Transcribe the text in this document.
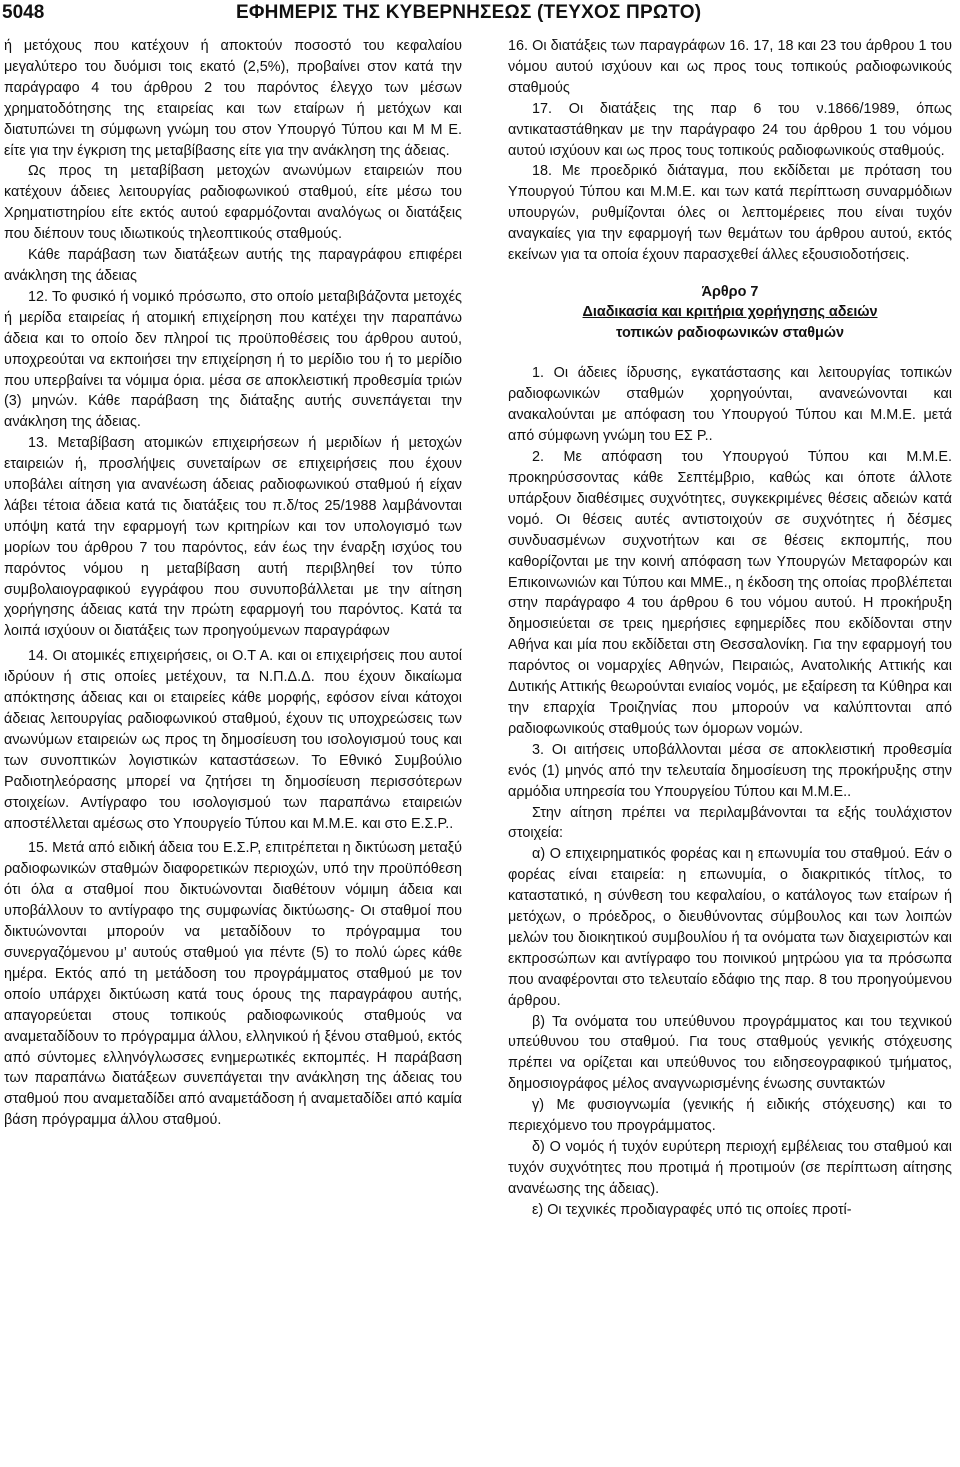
5048	ΕΦΗΜΕΡΙΣ ΤΗΣ ΚΥΒΕΡΝΗΣΕΩΣ (ΤΕΥΧΟΣ ΠΡΩΤΟ)

ή μετόχους που κατέχουν ή αποκτούν ποσοστό του κεφαλαίου μεγαλύτερο του δυόμισι τοις εκατό (2,5%), προβαίνει στον κατά την παράγραφο 4 του άρθρου 2 του παρόντος έλεγχο των μέσων χρηματοδότησης της εταιρείας και των εταίρων ή μετόχων και διατυπώνει τη σύμφωνη γνώμη του στον Υπουργό Τύπου και Μ Μ Ε. είτε για την έγκριση της μεταβίβασης είτε για την ανάκληση της άδειας.

Ως προς τη μεταβίβαση μετοχών ανωνύμων εταιρειών που κατέχουν άδειες λειτουργίας ραδιοφωνικού σταθμού, είτε μέσω του Χρηματιστηρίου είτε εκτός αυτού εφαρμόζονται αναλόγως οι διατάξεις που διέπουν τους ιδιωτικούς τηλεοπτικούς σταθμούς.

Κάθε παράβαση των διατάξεων αυτής της παραγράφου επιφέρει ανάκληση της άδειας

12. Το φυσικό ή νομικό πρόσωπο, στο οποίο μεταβιβάζοντα μετοχές ή μερίδα εταιρείας ή ατομική επιχείρηση που κατέχει την παραπάνω άδεια και το οποίο δεν πληροί τις προϋποθέσεις του άρθρου αυτού, υποχρεούται να εκποιήσει την επιχείρηση ή το μερίδιο του ή το μερίδιο που υπερβαίνει τα νόμιμα όρια. μέσα σε αποκλειστική προθεσμία τριών (3) μηνών. Κάθε παράβαση της διάταξης αυτής συνεπάγεται την ανάκληση της άδειας.

13. Μεταβίβαση ατομικών επιχειρήσεων ή μεριδίων ή μετοχών εταιρειών ή, προσλήψεις συνεταίρων σε επιχειρήσεις που έχουν υποβάλει αίτηση για ανανέωση άδειας ραδιοφωνικού σταθμού ή είχαν λάβει τέτοια άδεια κατά τις διατάξεις του π.δ/τος 25/1988 λαμβάνονται υπόψη κατά την εφαρμογή των κριτηρίων και τον υπολογισμό των μορίων του άρθρου 7 του παρόντος, εάν έως την έναρξη ισχύος του παρόντος νόμου η μεταβίβαση αυτή περιβληθεί τον τύπο συμβολαιογραφικού εγγράφου που συνυποβάλλεται με την αίτηση χορήγησης άδειας κατά την πρώτη εφαρμογή του παρόντος. Κατά τα λοιπά ισχύουν οι διατάξεις των προηγούμενων παραγράφων

14. Οι ατομικές επιχειρήσεις, οι Ο.Τ Α. και οι επιχειρήσεις που αυτοί ιδρύουν ή στις οποίες μετέχουν, τα Ν.Π.Δ.Δ. που έχουν δικαίωμα απόκτησης άδειας και οι εταιρείες κάθε μορφής, εφόσον είναι κάτοχοι άδειας λειτουργίας ραδιοφωνικού σταθμού, έχουν τις υποχρεώσεις των ανωνύμων εταιρειών ως προς τη δημοσίευση του ισολογισμού τους και των συνοπτικών λογιστικών καταστάσεων. Το Εθνικό Συμβούλιο Ραδιοτηλεόρασης μπορεί να ζητήσει τη δημοσίευση περισσότερων στοιχείων. Αντίγραφο του ισολογισμού των παραπάνω εταιρειών αποστέλλεται αμέσως στο Υπουργείο Τύπου και Μ.Μ.Ε. και στο Ε.Σ.Ρ..

15. Μετά από ειδική άδεια του Ε.Σ.Ρ, επιτρέπεται η δικτύωση μεταξύ ραδιοφωνικών σταθμών διαφορετικών περιοχών, υπό την προϋπόθεση ότι όλα α σταθμοί που δικτυώνονται διαθέτουν νόμιμη άδεια και υποβάλλουν το αντίγραφο της συμφωνίας δικτύωσης- Οι σταθμοί που δικτυώνονται μπορούν να μεταδίδουν το πρόγραμμα του συνεργαζόμενου μ’ αυτούς σταθμού για πέντε (5) το πολύ ώρες κάθε ημέρα. Εκτός από τη μετάδοση του προγράμματος σταθμού με τον οποίο υπάρχει δικτύωση κατά τους όρους της παραγράφου αυτής, απαγορεύεται στους τοπικούς ραδιοφωνικούς σταθμούς να αναμεταδίδουν το πρόγραμμα άλλου, ελληνικού ή ξένου σταθμού, εκτός από σύντομες ελληνόγλωσσες ενημερωτικές εκπομπές. Η παράβαση των παραπάνω διατάξεων συνεπάγεται την ανάκληση της άδειας του σταθμού που αναμεταδίδει από αναμετάδοση ή αναμεταδίδει από καμία βάση πρόγραμμα άλλου σταθμού.

16. Οι διατάξεις των παραγράφων 16. 17, 18 και 23 του άρθρου 1 του νόμου αυτού ισχύουν και ως προς τους τοπικούς ραδιοφωνικούς σταθμούς

17. Οι διατάξεις της παρ 6 του ν.1866/1989, όπως αντικαταστάθηκαν με την παράγραφο 24 του άρθρου 1 του νόμου αυτού ισχύουν και ως προς τους τοπικούς ραδιοφωνικούς σταθμούς.

18. Με προεδρικό διάταγμα, που εκδίδεται με πρόταση του Υπουργού Τύπου και Μ.Μ.Ε. και των κατά περίπτωση συναρμόδιων υπουργών, ρυθμίζονται όλες οι λεπτομέρειες που είναι τυχόν αναγκαίες για την εφαρμογή των θεμάτων του άρθρου αυτού, εκτός εκείνων για τα οποία έχουν παρασχεθεί άλλες εξουσιοδοτήσεις.

Άρθρο 7
Διαδικασία και κριτήρια χορήγησης αδειών
τοπικών ραδιοφωνικών σταθμών

1. Οι άδειες ίδρυσης, εγκατάστασης και λειτουργίας τοπικών ραδιοφωνικών σταθμών χορηγούνται, ανανεώνονται και ανακαλούνται με απόφαση του Υπουργού Τύπου και Μ.Μ.Ε. μετά από σύμφωνη γνώμη του ΕΣ Ρ..

2. Με απόφαση του Υπουργού Τύπου και Μ.Μ.Ε. προκηρύσσοντας κάθε Σεπτέμβριο, καθώς και όποτε άλλοτε υπάρξουν διαθέσιμες συχνότητες, συγκεκριμένες θέσεις αδειών κατά νομό. Οι θέσεις αυτές αντιστοιχούν σε συχνότητες ή δέσμες συνδυασμένων συχνοτήτων και σε θέσεις εκπομπής, που καθορίζονται με την κοινή απόφαση των Υπουργών Μεταφορών και Επικοινωνιών και Τύπου και ΜΜΕ., η έκδοση της οποίας προβλέπεται στην παράγραφο 4 του άρθρου 6 του νόμου αυτού. Η προκήρυξη δημοσιεύεται σε τρεις ημερήσιες εφημερίδες που εκδίδονται στην Αθήνα και μία που εκδίδεται στη Θεσσαλονίκη. Για την εφαρμογή του παρόντος οι νομαρχίες Αθηνών, Πειραιώς, Ανατολικής Αττικής και Δυτικής Αττικής θεωρούνται ενιαίος νομός, με εξαίρεση τα Κύθηρα και την επαρχία Τροιζηνίας που μπορούν να καλύπτονται από ραδιοφωνικούς σταθμούς των όμορων νομών.

3. Οι αιτήσεις υποβάλλονται μέσα σε αποκλειστική προθεσμία ενός (1) μηνός από την τελευταία δημοσίευση της προκήρυξης στην αρμόδια υπηρεσία του Υπουργείου Τύπου και Μ.Μ.Ε..

Στην αίτηση πρέπει να περιλαμβάνονται τα εξής τουλάχιστον στοιχεία:

α) Ο επιχειρηματικός φορέας και η επωνυμία του σταθμού. Εάν ο φορέας είναι εταιρεία: η επωνυμία, ο διακριτικός τίτλος, το καταστατικό, η σύνθεση του κεφαλαίου, ο κατάλογος των εταίρων ή μετόχων, ο πρόεδρος, ο διευθύνοντας σύμβουλος και των λοιπών μελών του διοικητικού συμβουλίου ή τα ονόματα των διαχειριστών και εκπροσώπων και αντίγραφο του ποινικού μητρώου για τα πρόσωπα που αναφέρονται στο τελευταίο εδάφιο της παρ. 8 του προηγούμενου άρθρου.

β) Τα ονόματα του υπεύθυνου προγράμματος και του τεχνικού υπεύθυνου του σταθμού. Για τους σταθμούς γενικής στόχευσης πρέπει να ορίζεται και υπεύθυνος του ειδησεογραφικού τμήματος, δημοσιογράφος μέλος αναγνωρισμένης ένωσης συντακτών

γ) Με φυσιογνωμία (γενικής ή ειδικής στόχευσης) και το περιεχόμενο του προγράμματος.

δ) Ο νομός ή τυχόν ευρύτερη περιοχή εμβέλειας του σταθμού και τυχόν συχνότητες που προτιμά ή προτιμούν (σε περίπτωση αίτησης ανανέωσης της άδειας).

ε) Οι τεχνικές προδιαγραφές υπό τις οποίες προτί-
